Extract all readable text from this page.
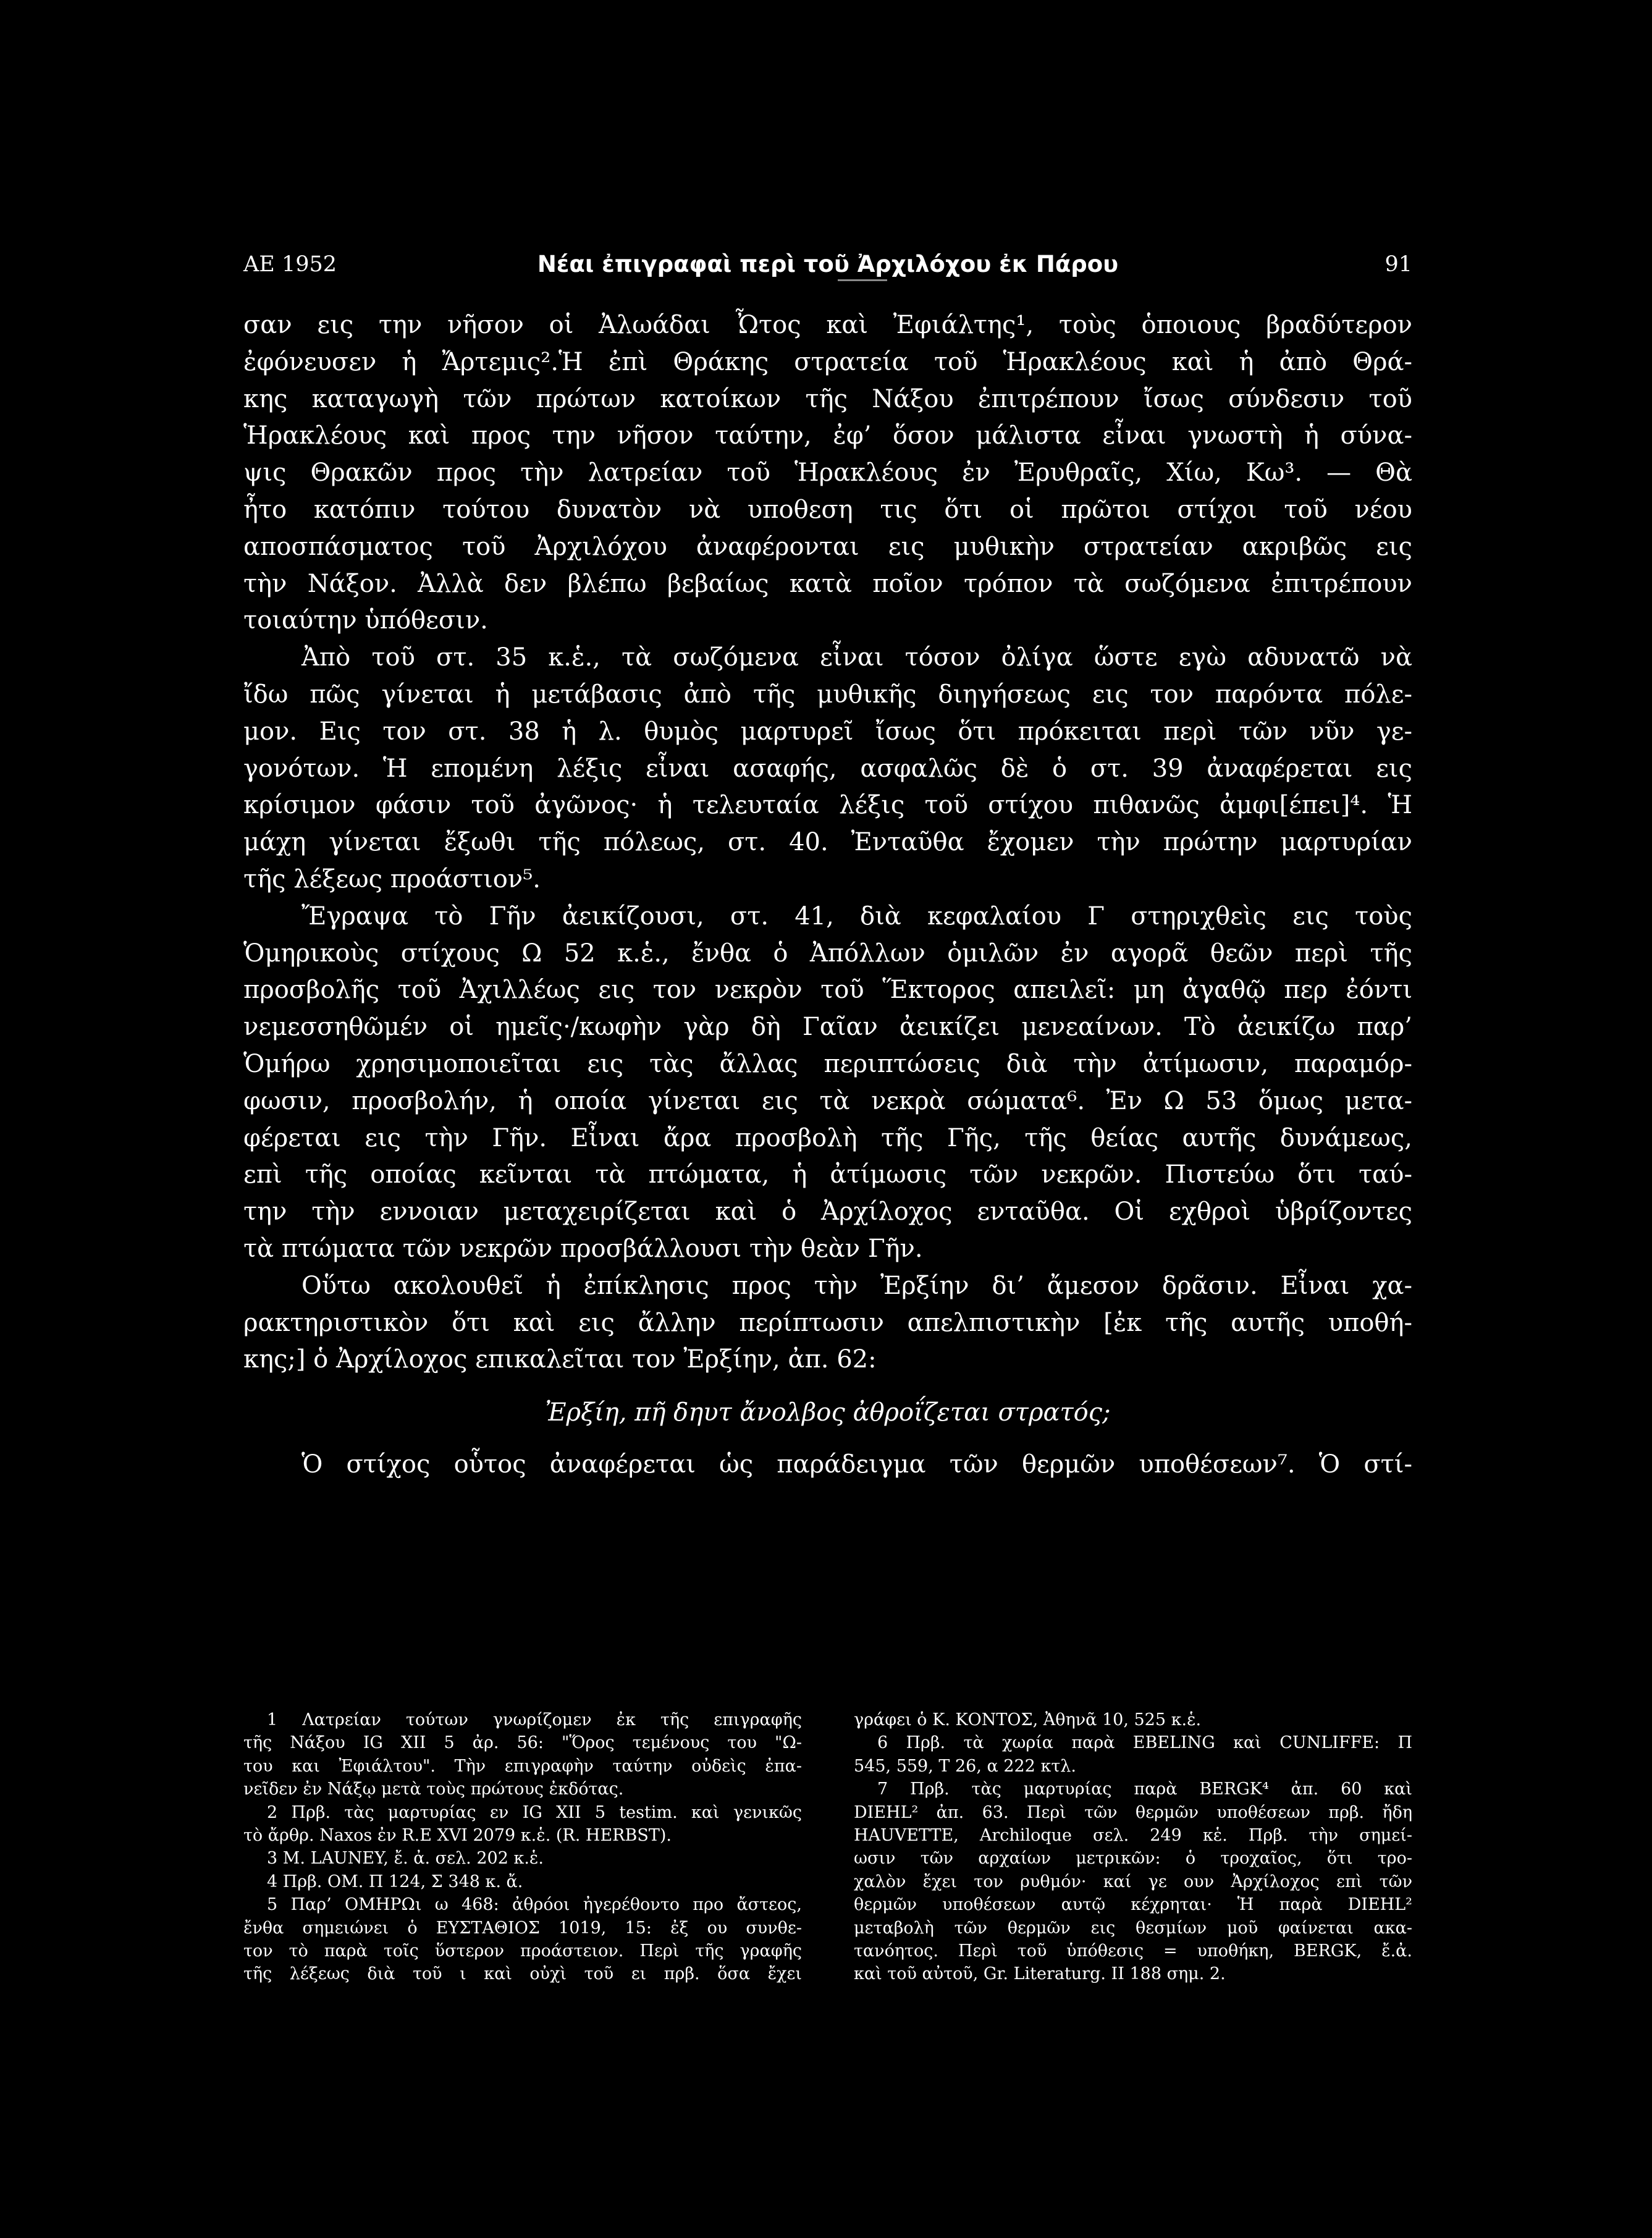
ΑΕ 1952	Νέαι ἐπιγραφαὶ περὶ τοῦ Ἀρχιλόχου ἐκ Πάρου	91
σαν εις την νῆσον οἱ Ἀλωάδαι Ὦτος καὶ Ἐφιάλτης¹, τοὺς ὁποιους βραδύτερον
ἐφόνευσεν ἡ Ἄρτεμις².Ἡ ἐπὶ Θράκης στρατεία τοῦ Ἡρακλέους καὶ ἡ ἀπὸ Θρά-
κης καταγωγὴ τῶν πρώτων κατοίκων τῆς Νάξου ἐπιτρέπουν ἴσως σύνδεσιν τοῦ
Ἡρακλέους καὶ προς την νῆσον ταύτην, ἐφ’ ὅσον μάλιστα εἶναι γνωστὴ ἡ σύνα-
ψις Θρακῶν προς τὴν λατρείαν τοῦ Ἡρακλέους ἐν Ἐρυθραῖς, Χίω, Κω³. — Θὰ
ἦτο κατόπιν τούτου δυνατὸν νὰ υποθεση τις ὅτι οἱ πρῶτοι στίχοι τοῦ νέου
αποσπάσματος τοῦ Ἀρχιλόχου ἀναφέρονται εις μυθικὴν στρατείαν ακριβῶς εις
τὴν Νάξον. Ἀλλὰ δεν βλέπω βεβαίως κατὰ ποῖον τρόπον τὰ σωζόμενα ἐπιτρέπουν
τοιαύτην ὑπόθεσιν.
Ἀπὸ τοῦ στ. 35 κ.ἑ., τὰ σωζόμενα εἶναι τόσον ὀλίγα ὥστε εγὼ αδυνατῶ νὰ
ἴδω πῶς γίνεται ἡ μετάβασις ἀπὸ τῆς μυθικῆς διηγήσεως εις τον παρόντα πόλε-
μον. Εις τον στ. 38 ἡ λ. θυμὸς μαρτυρεῖ ἴσως ὅτι πρόκειται περὶ τῶν νῦν γε-
γονότων. Ἡ επομένη λέξις εἶναι ασαφής, ασφαλῶς δὲ ὁ στ. 39 ἀναφέρεται εις
κρίσιμον φάσιν τοῦ ἀγῶνος· ἡ τελευταία λέξις τοῦ στίχου πιθανῶς ἀμφι[έπει]⁴. Ἡ
μάχη γίνεται ἔξωθι τῆς πόλεως, στ. 40. Ἐνταῦθα ἔχομεν τὴν πρώτην μαρτυρίαν
τῆς λέξεως προάστιον⁵.
Ἔγραψα τὸ Γῆν ἀεικίζουσι, στ. 41, διὰ κεφαλαίου Γ στηριχθεὶς εις τοὺς
Ὁμηρικοὺς στίχους Ω 52 κ.ἑ., ἔνθα ὁ Ἀπόλλων ὁμιλῶν ἐν αγορᾶ θεῶν περὶ τῆς
προσβολῆς τοῦ Ἀχιλλέως εις τον νεκρὸν τοῦ Ἕκτορος απειλεῖ: μη ἀγαθῷ περ ἐόντι
νεμεσσηθῶμέν οἱ ημεῖς·/κωφὴν γὰρ δὴ Γαῖαν ἀεικίζει μενεαίνων. Τὸ ἀεικίζω παρ’
Ὁμήρω χρησιμοποιεῖται εις τὰς ἄλλας περιπτώσεις διὰ τὴν ἀτίμωσιν, παραμόρ-
φωσιν, προσβολήν, ἡ οποία γίνεται εις τὰ νεκρὰ σώματα⁶. Ἐν Ω 53 ὅμως μετα-
φέρεται εις τὴν Γῆν. Εἶναι ἄρα προσβολὴ τῆς Γῆς, τῆς θείας αυτῆς δυνάμεως,
επὶ τῆς οποίας κεῖνται τὰ πτώματα, ἡ ἀτίμωσις τῶν νεκρῶν. Πιστεύω ὅτι ταύ-
την τὴν εννοιαν μεταχειρίζεται καὶ ὁ Ἀρχίλοχος ενταῦθα. Οἱ εχθροὶ ὑβρίζοντες
τὰ πτώματα τῶν νεκρῶν προσβάλλουσι τὴν θεὰν Γῆν.
Οὕτω ακολουθεῖ ἡ ἐπίκλησις προς τὴν Ἐρξίην δι’ ἄμεσον δρᾶσιν. Εἶναι χα-
ρακτηριστικὸν ὅτι καὶ εις ἄλλην περίπτωσιν απελπιστικὴν [ἐκ τῆς αυτῆς υποθή-
κης;] ὁ Ἀρχίλοχος επικαλεῖται τον Ἐρξίην, ἀπ. 62:
Ἐρξίη, πῆ δηυτ ἄνολβος ἀθροΐζεται στρατός;
Ὁ στίχος οὗτος ἀναφέρεται ὡς παράδειγμα τῶν θερμῶν υποθέσεων⁷. Ὁ στί-
1 Λατρείαν τούτων γνωρίζομεν ἐκ τῆς επιγραφῆς
τῆς Νάξου IG XII 5 ἀρ. 56: "Ὅρος τεμένους του "Ω-
του και Ἐφιάλτου". Τὴν επιγραφὴν ταύτην οὐδεὶς ἐπα-
νεῖδεν ἐν Νάξῳ μετὰ τοὺς πρώτους ἐκδότας.
2 Πρβ. τὰς μαρτυρίας εν IG XII 5 testim. καὶ γενικῶς
τὸ ἄρθρ. Naxos ἐν R.E XVI 2079 κ.ἑ. (R. HERBST).
3 M. LAUNEY, ἔ. ἀ. σελ. 202 κ.ἑ.
4 Πρβ. ΟΜ. Π 124, Σ 348 κ. ἄ.
5 Παρ’ ΟΜΗΡΩι ω 468: ἀθρόοι ἠγερέθοντο προ ἄστεος,
ἔνθα σημειώνει ὁ ΕΥΣΤΑΘΙΟΣ 1019, 15: ἐξ ου συνθε-
τον τὸ παρὰ τοῖς ὕστερον προάστειον. Περὶ τῆς γραφῆς
τῆς λέξεως διὰ τοῦ ι καὶ οὐχὶ τοῦ ει πρβ. ὅσα ἔχει
γράφει ὁ Κ. ΚΟΝΤΟΣ, Ἀθηνᾶ 10, 525 κ.ἑ.
6 Πρβ. τὰ χωρία παρὰ EBELING καὶ CUNLIFFE: Π
545, 559, Τ 26, α 222 κτλ.
7 Πρβ. τὰς μαρτυρίας παρὰ BERGK⁴ ἀπ. 60 καὶ
DIEHL² ἀπ. 63. Περὶ τῶν θερμῶν υποθέσεων πρβ. ἤδη
HAUVETTE, Archiloque σελ. 249 κἑ. Πρβ. τὴν σημεί-
ωσιν τῶν αρχαίων μετρικῶν: ὁ τροχαῖος, ὅτι τρο-
χαλὸν ἔχει τον ρυθμόν· καί γε ουν Ἀρχίλοχος επὶ τῶν
θερμῶν υποθέσεων αυτῷ κέχρηται· Ἡ παρὰ DIEHL²
μεταβολὴ τῶν θερμῶν εις θεσμίων μοῦ φαίνεται ακα-
τανόητος. Περὶ τοῦ ὑπόθεσις = υποθήκη, BERGK, ἔ.ἀ.
καὶ τοῦ αὐτοῦ, Gr. Literaturg. II 188 σημ. 2.
